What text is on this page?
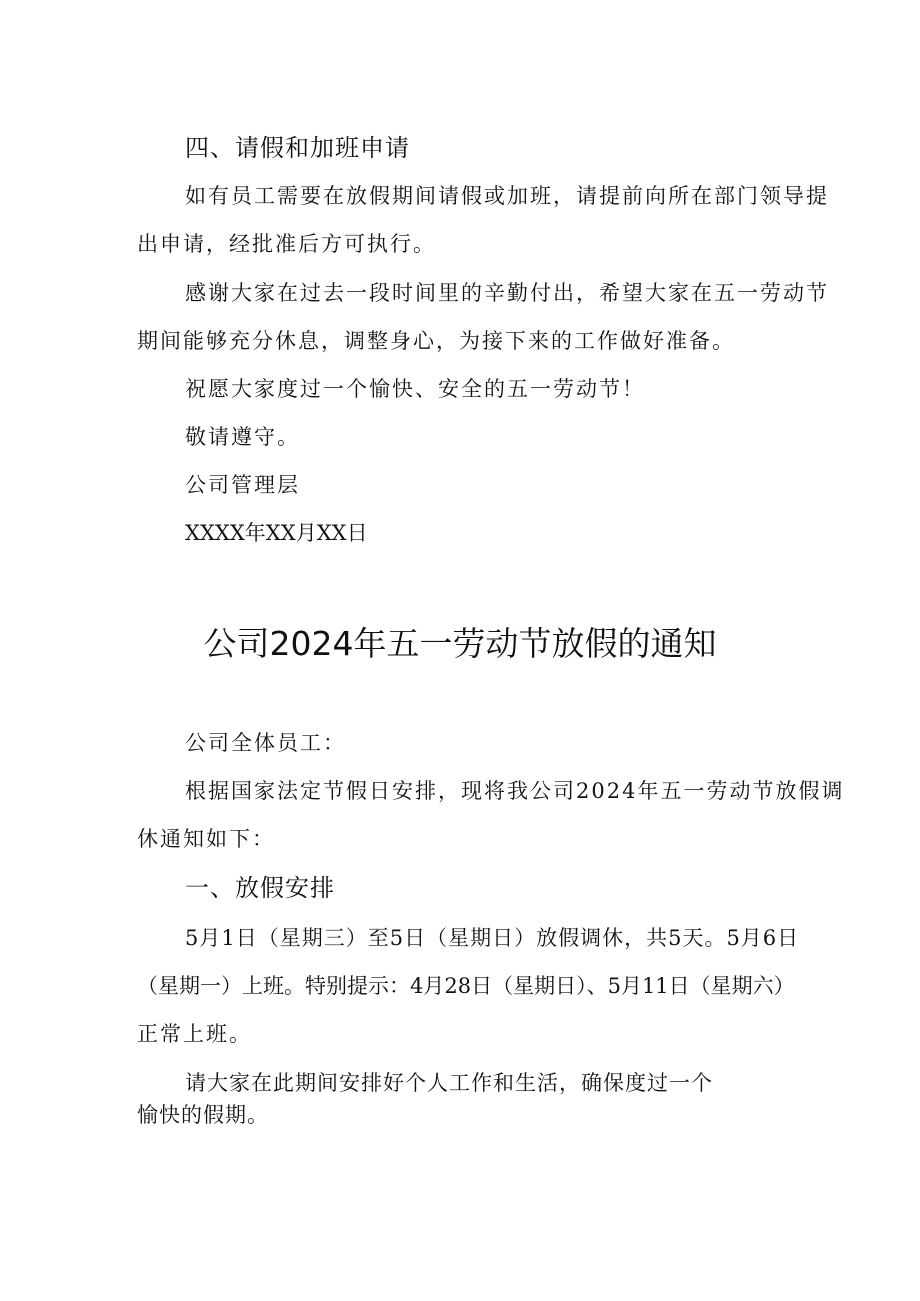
四、请假和加班申请
如有员工需要在放假期间请假或加班，请提前向所在部门领导提
出申请，经批准后方可执行。
感谢大家在过去一段时间里的辛勤付出，希望大家在五一劳动节
期间能够充分休息，调整身心，为接下来的工作做好准备。
祝愿大家度过一个愉快、安全的五一劳动节！
敬请遵守。
公司管理层
XXXX年XX月XX日
公司2024年五一劳动节放假的通知
公司全体员工：
根据国家法定节假日安排，现将我公司2024年五一劳动节放假调
休通知如下：
一、放假安排
5月1日（星期三）至5日（星期日）放假调休，共5天。5月6日
（星期一）上班。特别提示：4月28日（星期日）、5月11日（星期六）
正常上班。
请大家在此期间安排好个人工作和生活，确保度过一个
愉快的假期。
